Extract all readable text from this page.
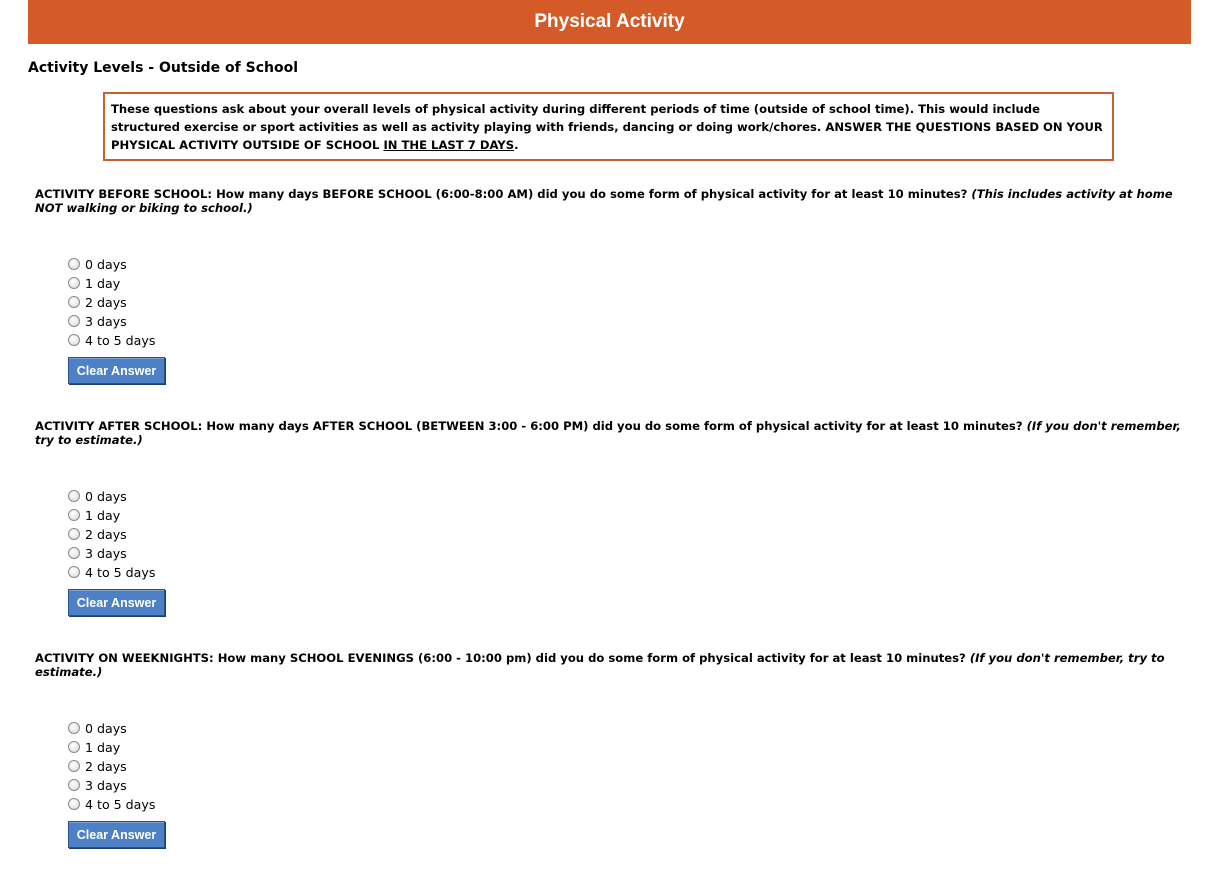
Physical Activity
Activity Levels - Outside of School
These questions ask about your overall levels of physical activity during different periods of time (outside of school time). This would include structured exercise or sport activities as well as activity playing with friends, dancing or doing work/chores. ANSWER THE QUESTIONS BASED ON YOUR PHYSICAL ACTIVITY OUTSIDE OF SCHOOL IN THE LAST 7 DAYS.
ACTIVITY BEFORE SCHOOL: How many days BEFORE SCHOOL (6:00-8:00 AM) did you do some form of physical activity for at least 10 minutes? (This includes activity at home NOT walking or biking to school.)
0 days
1 day
2 days
3 days
4 to 5 days
Clear Answer
ACTIVITY AFTER SCHOOL: How many days AFTER SCHOOL (BETWEEN 3:00 - 6:00 PM) did you do some form of physical activity for at least 10 minutes? (If you don't remember, try to estimate.)
0 days
1 day
2 days
3 days
4 to 5 days
Clear Answer
ACTIVITY ON WEEKNIGHTS: How many SCHOOL EVENINGS (6:00 - 10:00 pm) did you do some form of physical activity for at least 10 minutes? (If you don't remember, try to estimate.)
0 days
1 day
2 days
3 days
4 to 5 days
Clear Answer
